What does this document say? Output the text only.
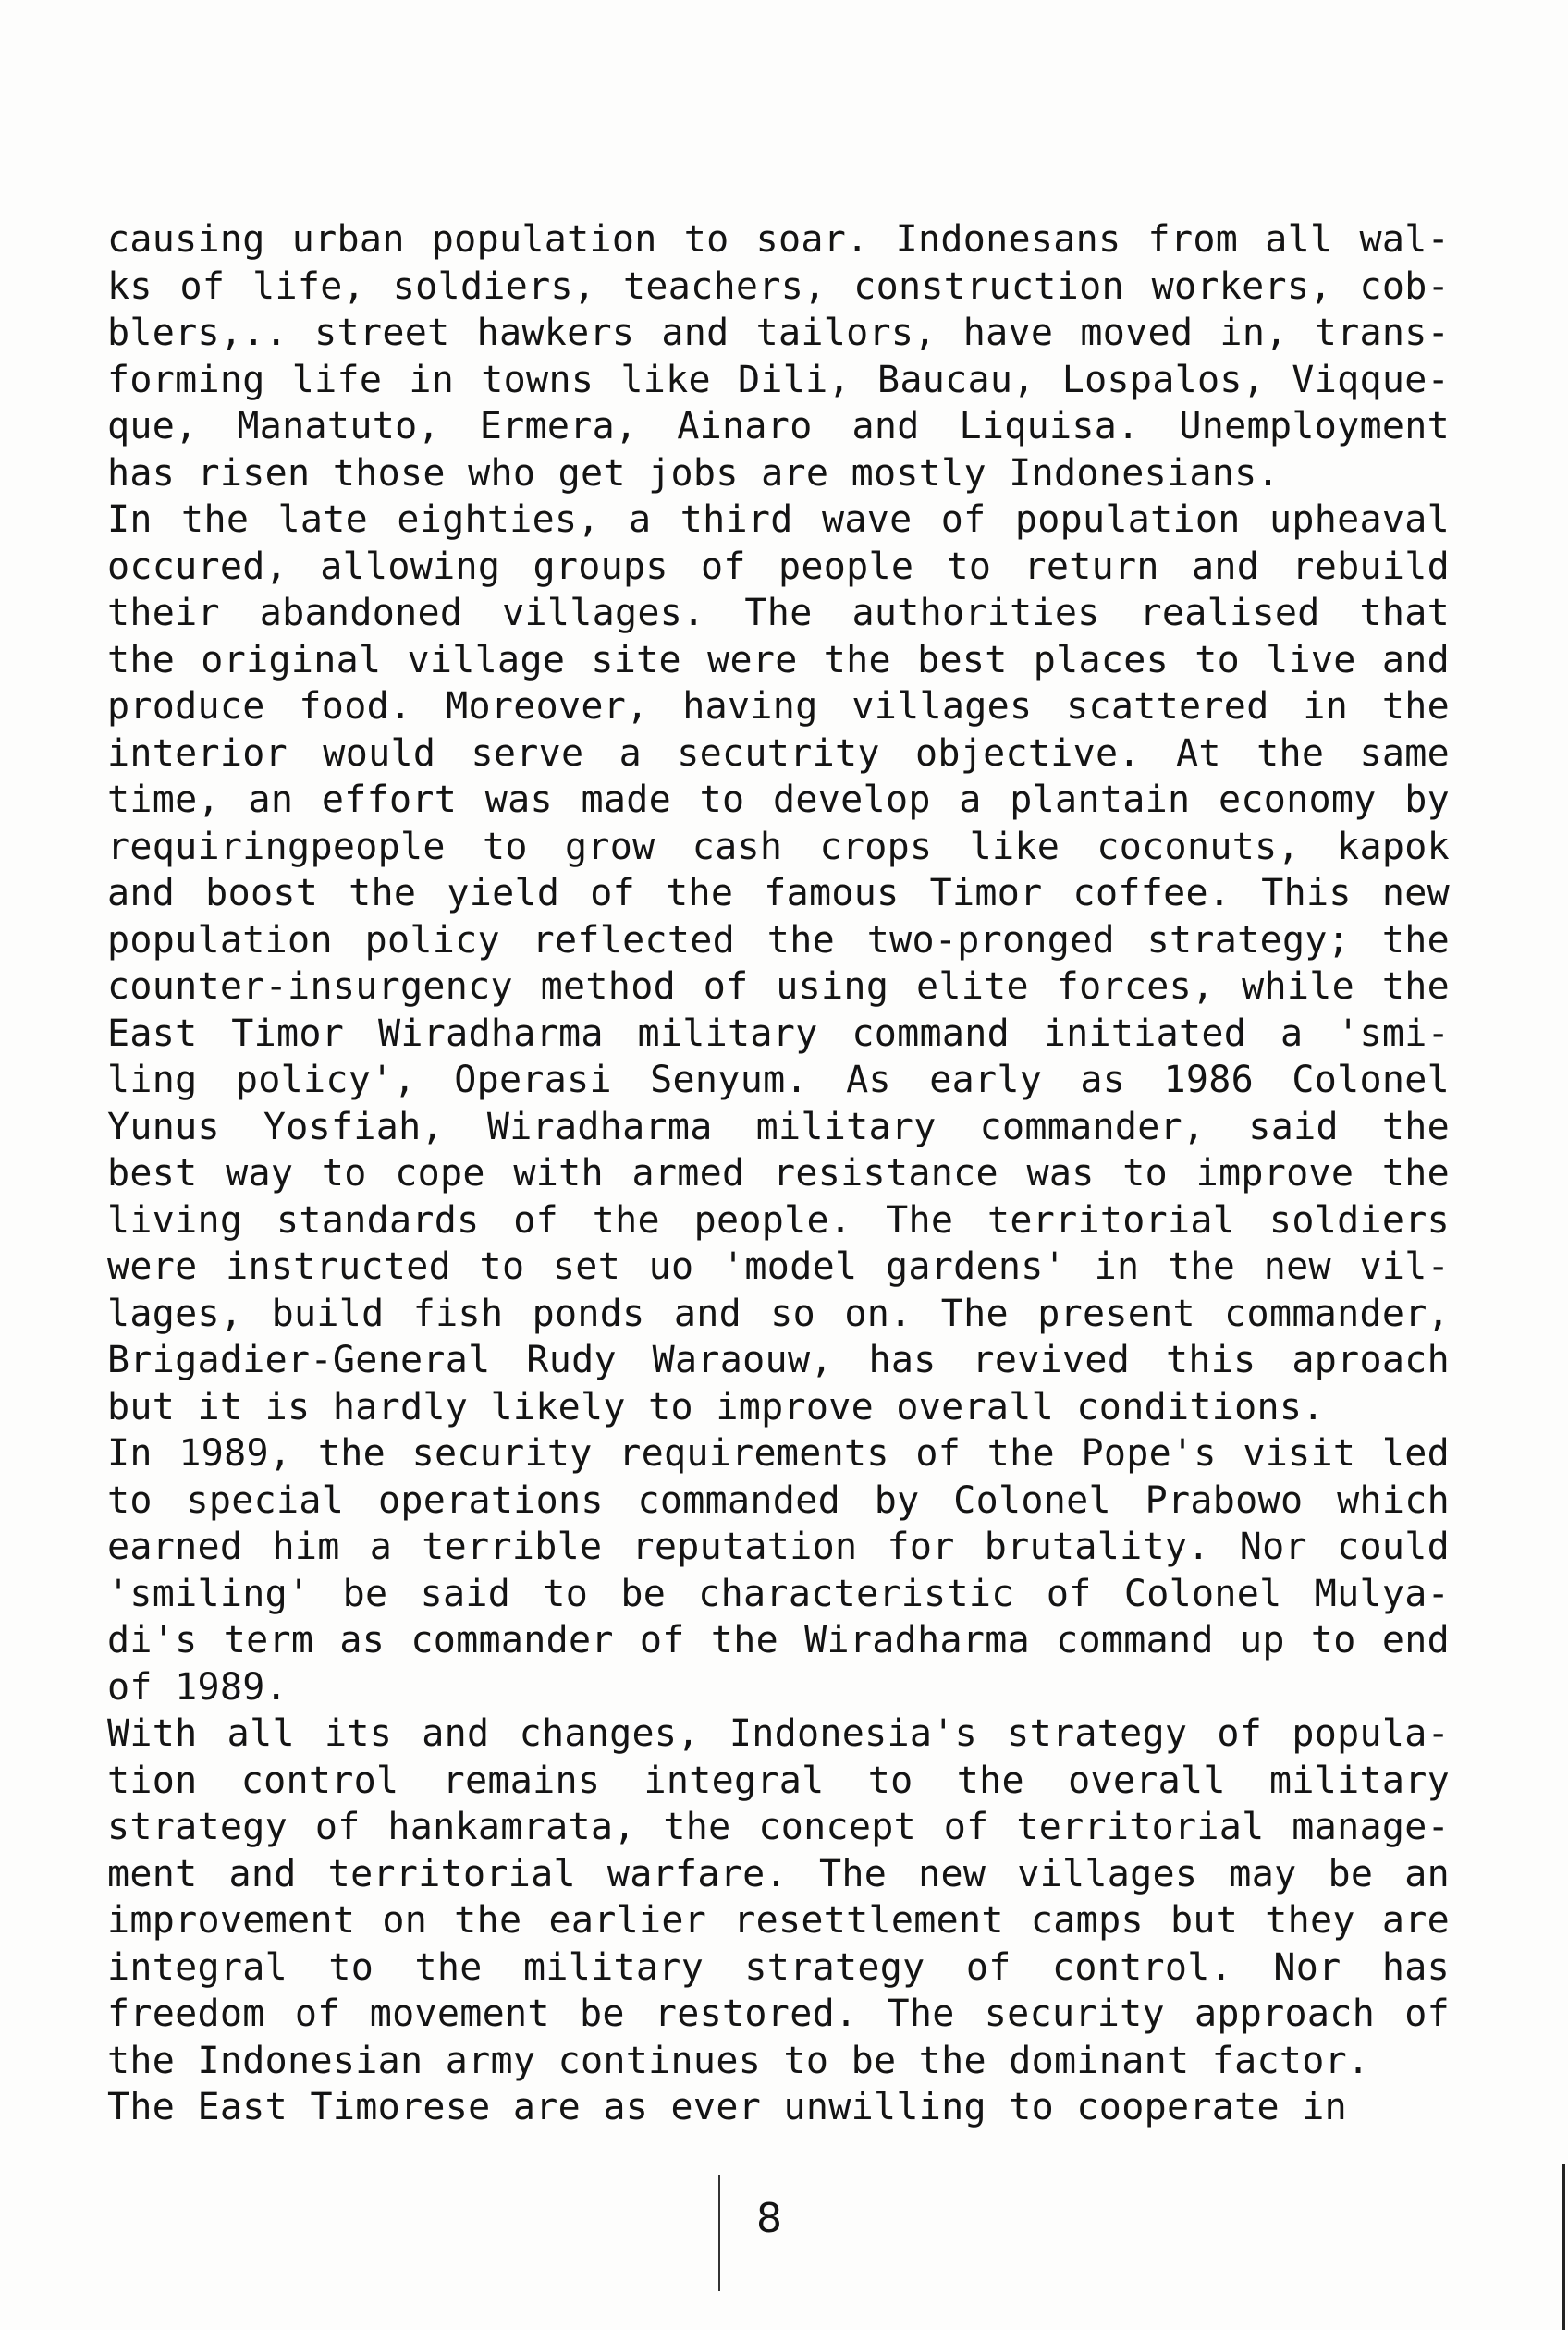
causing urban population to soar. Indonesans from all wal-
ks of life, soldiers, teachers, construction workers, cob-
blers,.. street hawkers and tailors, have moved in, trans-
forming life in towns like Dili, Baucau, Lospalos, Viqque-
que, Manatuto, Ermera, Ainaro and Liquisa. Unemployment
has risen those who get jobs are mostly Indonesians.
In the late eighties, a third wave of population upheaval
occured, allowing groups of people to return and rebuild
their abandoned villages. The authorities realised that
the original village site were the best places to live and
produce food. Moreover, having villages scattered in the
interior would serve a secutrity objective. At the same
time, an effort was made to develop a plantain economy by
requiringpeople to grow cash crops like coconuts, kapok
and boost the yield of the famous Timor coffee. This new
population policy reflected the two-pronged strategy; the
counter-insurgency method of using elite forces, while the
East Timor Wiradharma military command initiated a 'smi-
ling policy', Operasi Senyum. As early as 1986 Colonel
Yunus Yosfiah, Wiradharma military commander, said the
best way to cope with armed resistance was to improve the
living standards of the people. The territorial soldiers
were instructed to set uo 'model gardens' in the new vil-
lages, build fish ponds and so on. The present commander,
Brigadier-General Rudy Waraouw, has revived this aproach
but it is hardly likely to improve overall conditions.
In 1989, the security requirements of the Pope's visit led
to special operations commanded by Colonel Prabowo which
earned him a terrible reputation for brutality. Nor could
'smiling' be said to be characteristic of Colonel Mulya-
di's term as commander of the Wiradharma command up to end
of 1989.
With all its and changes, Indonesia's strategy of popula-
tion control remains integral to the overall military
strategy of hankamrata, the concept of territorial manage-
ment and territorial warfare. The new villages may be an
improvement on the earlier resettlement camps but they are
integral to the military strategy of control. Nor has
freedom of movement be restored. The security approach of
the Indonesian army continues to be the dominant factor.
The East Timorese are as ever unwilling to cooperate in
8
